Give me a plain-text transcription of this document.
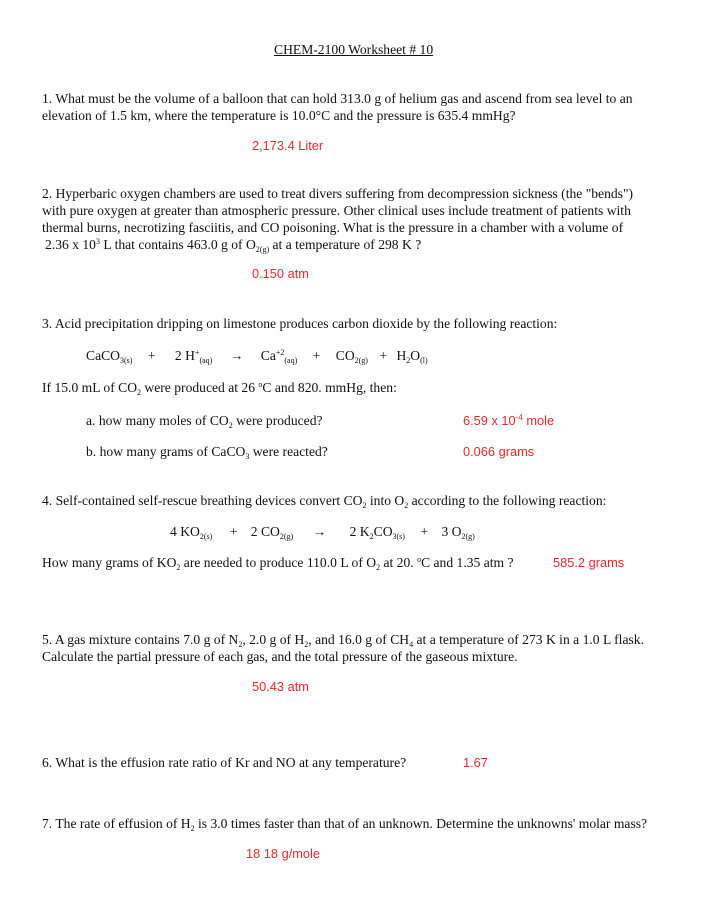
CHEM-2100 Worksheet # 10
1. What must be the volume of a balloon that can hold 313.0 g of helium gas and ascend from sea level to an
elevation of 1.5 km, where the temperature is 10.0°C and the pressure is 635.4 mmHg?
2,173.4 Liter
2. Hyperbaric oxygen chambers are used to treat divers suffering from decompression sickness (the "bends")
with pure oxygen at greater than atmospheric pressure. Other clinical uses include treatment of patients with
thermal burns, necrotizing fasciitis, and CO poisoning. What is the pressure in a chamber with a volume of
2.36 x $10^3$ L that contains 463.0 g of $O_{2(g)}$ at a temperature of 298 K ?
0.150 atm
3. Acid precipitation dripping on limestone produces carbon dioxide by the following reaction:
CaCO$_{3(s)}$ + 2 $H^+_{(aq)} \to Ca^{+2}_{(aq)} + CO_{2(g)} + H_2O_{(l)}$
If 15.0 mL of $CO_2$ were produced at 26 $^o$C and 820. mmHg, then:
a. how many moles of $CO_2$ were produced?	6.59 x $10^{-4}$ mole
b. how many grams of CaCO$_3$ were reacted?	0.066 grams
4. Self-contained self-rescue breathing devices convert $CO_2$ into $O_2$ according to the following reaction:
4 $KO_{2(s)} + 2$ $CO_{2(g)} \to 2$ $K_2CO_{3(s)} + 3$ $O_{2(g)}$
How many grams of $KO_2$ are needed to produce 110.0 L of $O_2$ at 20. $^o$C and 1.35 atm ?	585.2 grams
5. A gas mixture contains 7.0 g of $N_2$, 2.0 g of $H_2$, and 16.0 g of $CH_4$ at a temperature of 273 K in a 1.0 L flask.
Calculate the partial pressure of each gas, and the total pressure of the gaseous mixture.
50.43 atm
6. What is the effusion rate ratio of Kr and NO at any temperature?	1.67
7. The rate of effusion of $H_2$ is 3.0 times faster than that of an unknown. Determine the unknowns' molar mass?
18 18 g/mole
